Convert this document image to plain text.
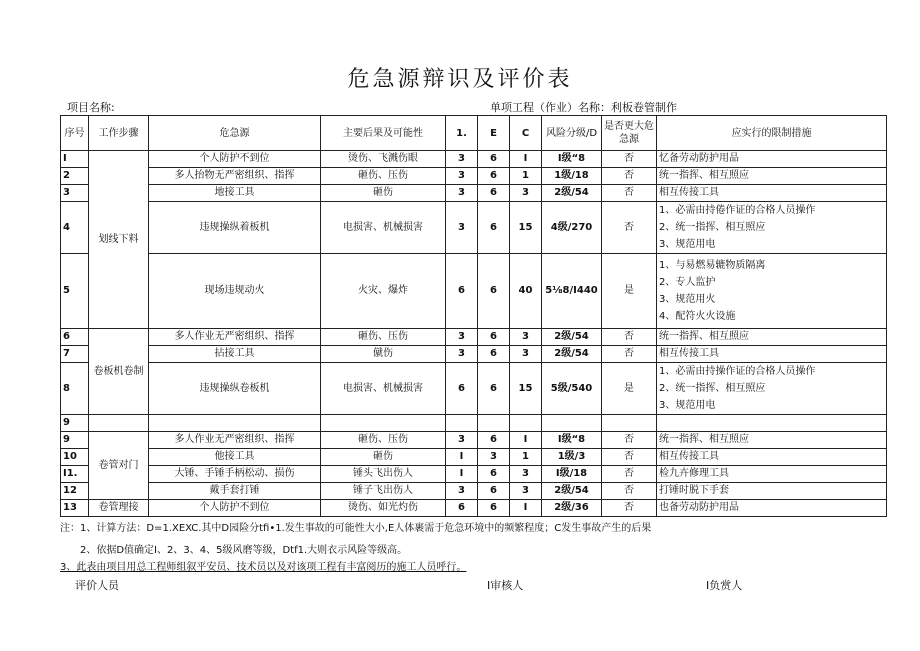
危急源辩识及评价表
项目名称:	单项工程（作业）名称：利板卷管制作
序号	工作步骤	危急源	主要后果及可能性	1.	E	C	风险分级/D	是否更大危急源	应实行的限制措施
I	划线下料	个人防护不到位	烫伤、飞溅伤眼	3	6	I	I级“8	否	忆备劳动防护用品
2		多人抬物无严密组织、指挥	砸伤、压伤	3	6	1	1级/18	否	统一指挥、相互照应
3		地接工具	砸伤	3	6	3	2级/54	否	相互传接工具
4		违规操纵着板机	电损害、机械损害	3	6	15	4级/270	否	1、必需由持倦作证的合格人员操作
2、统一指挥、相互照应
3、规范用电

5		现场违规动火	火灾、爆炸	6	6	40	5⅛8/I440	是	1、与易燃易辘物质隔离
2、专人监护
3、规范用火
4、配符火火设施

6	卷板机卷制	多人作业无严密组织、指挥	砸伤、压伤	3	6	3	2级/54	否	统一指挥、相互照应
7		拈接工具	僦伤	3	6	3	2级/54	否	相互传接工具
8		违规操纵卷板机	电损害、机械损害	6	6	15	5级/540	是	1、必需由持操作证的合格人员操作
2、统一指挥、相互照应
3、规范用电

9									
9	卷管对门	多人作业无严密组织、指挥	砸伤、压伤	3	6	I	I级“8	否	统一指挥、相互照应
10		他接工具	砸伤	I	3	1	1级/3	否	相互传接工具
I1.		大锤、手锤手柄松动、损伤	锤头飞出伤人	I	6	3	I级/18	否	检九卉修理工具
12		戴手套打锤	锤子飞出伤人	3	6	3	2级/54	否	打锤时脱下手套
13	卷管理接	个人防护不到位	烫伤、如光灼伤	6	6	I	2级/36	否	也备劳动防护用品
注：1、计算方法：D=1.XEXC.其中D园险分tfi•1.发生事故的可能性大小,E人体裹需于危急环境中的频繁程度；C发生事故产生的后果
2、依据D值确定I、2、3、4、5级风磨等级，Dtf1.大则衣示风险等级高。
3、此表由项目用总工程师组叙平安员、技术员以及对该项工程有丰富阅历的施工人员呼行。
评价人员	I审核人	I负赏人
